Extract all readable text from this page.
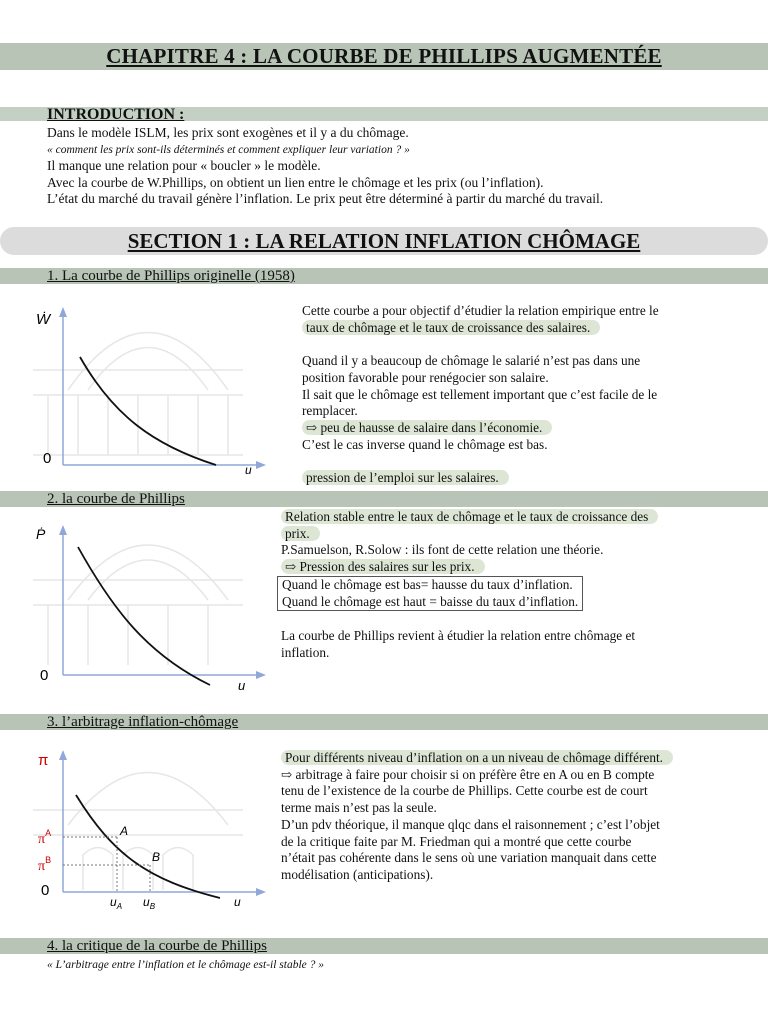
CHAPITRE 4 : LA COURBE DE PHILLIPS AUGMENTÉE
INTRODUCTION :
Dans le modèle ISLM, les prix sont exogènes et il y a du chômage.
« comment les prix sont-ils déterminés et comment expliquer leur variation ? »
Il manque une relation pour « boucler » le modèle.
Avec la courbe de W.Phillips, on obtient un lien entre le chômage et les prix (ou l’inflation).
L’état du marché du travail génère l’inflation. Le prix peut être déterminé à partir du marché du travail.
SECTION 1 : LA RELATION INFLATION CHÔMAGE
1. La courbe de Phillips originelle (1958)
Ẇ
0
u
Cette courbe a pour objectif d’étudier la relation empirique entre le
taux de chômage et le taux de croissance des salaires.

Quand il y a beaucoup de chômage le salarié n’est pas dans une
position favorable pour renégocier son salaire.
Il sait que le chômage est tellement important que c’est facile de le
remplacer.
⇨ peu de hausse de salaire dans l’économie.
C’est le cas inverse quand le chômage est bas.

pression de l’emploi sur les salaires.
2. la courbe de Phillips
Ṗ
0
u
Relation stable entre le taux de chômage et le taux de croissance des
prix.
P.Samuelson, R.Solow : ils font de cette relation une théorie.
⇨ Pression des salaires sur les prix.
Quand le chômage est bas= hausse du taux d’inflation.
Quand le chômage est haut = baisse du taux d’inflation.

La courbe de Phillips revient à étudier la relation entre chômage et
inflation.
3. l’arbitrage inflation-chômage
π
$\pi^A$
$\pi^B$
0
A
B
$u_A$ $u_B$	u
Pour différents niveau d’inflation on a un niveau de chômage différent.
⇨ arbitrage à faire pour choisir si on préfère être en A ou en B compte
tenu de l’existence de la courbe de Phillips. Cette courbe est de court
terme mais n’est pas la seule.
D’un pdv théorique, il manque qlqc dans el raisonnement ; c’est l’objet
de la critique faite par M. Friedman qui a montré que cette courbe
n’était pas cohérente dans le sens où une variation manquait dans cette
modélisation (anticipations).
4. la critique de la courbe de Phillips
« L’arbitrage entre l’inflation et le chômage est-il stable ? »
